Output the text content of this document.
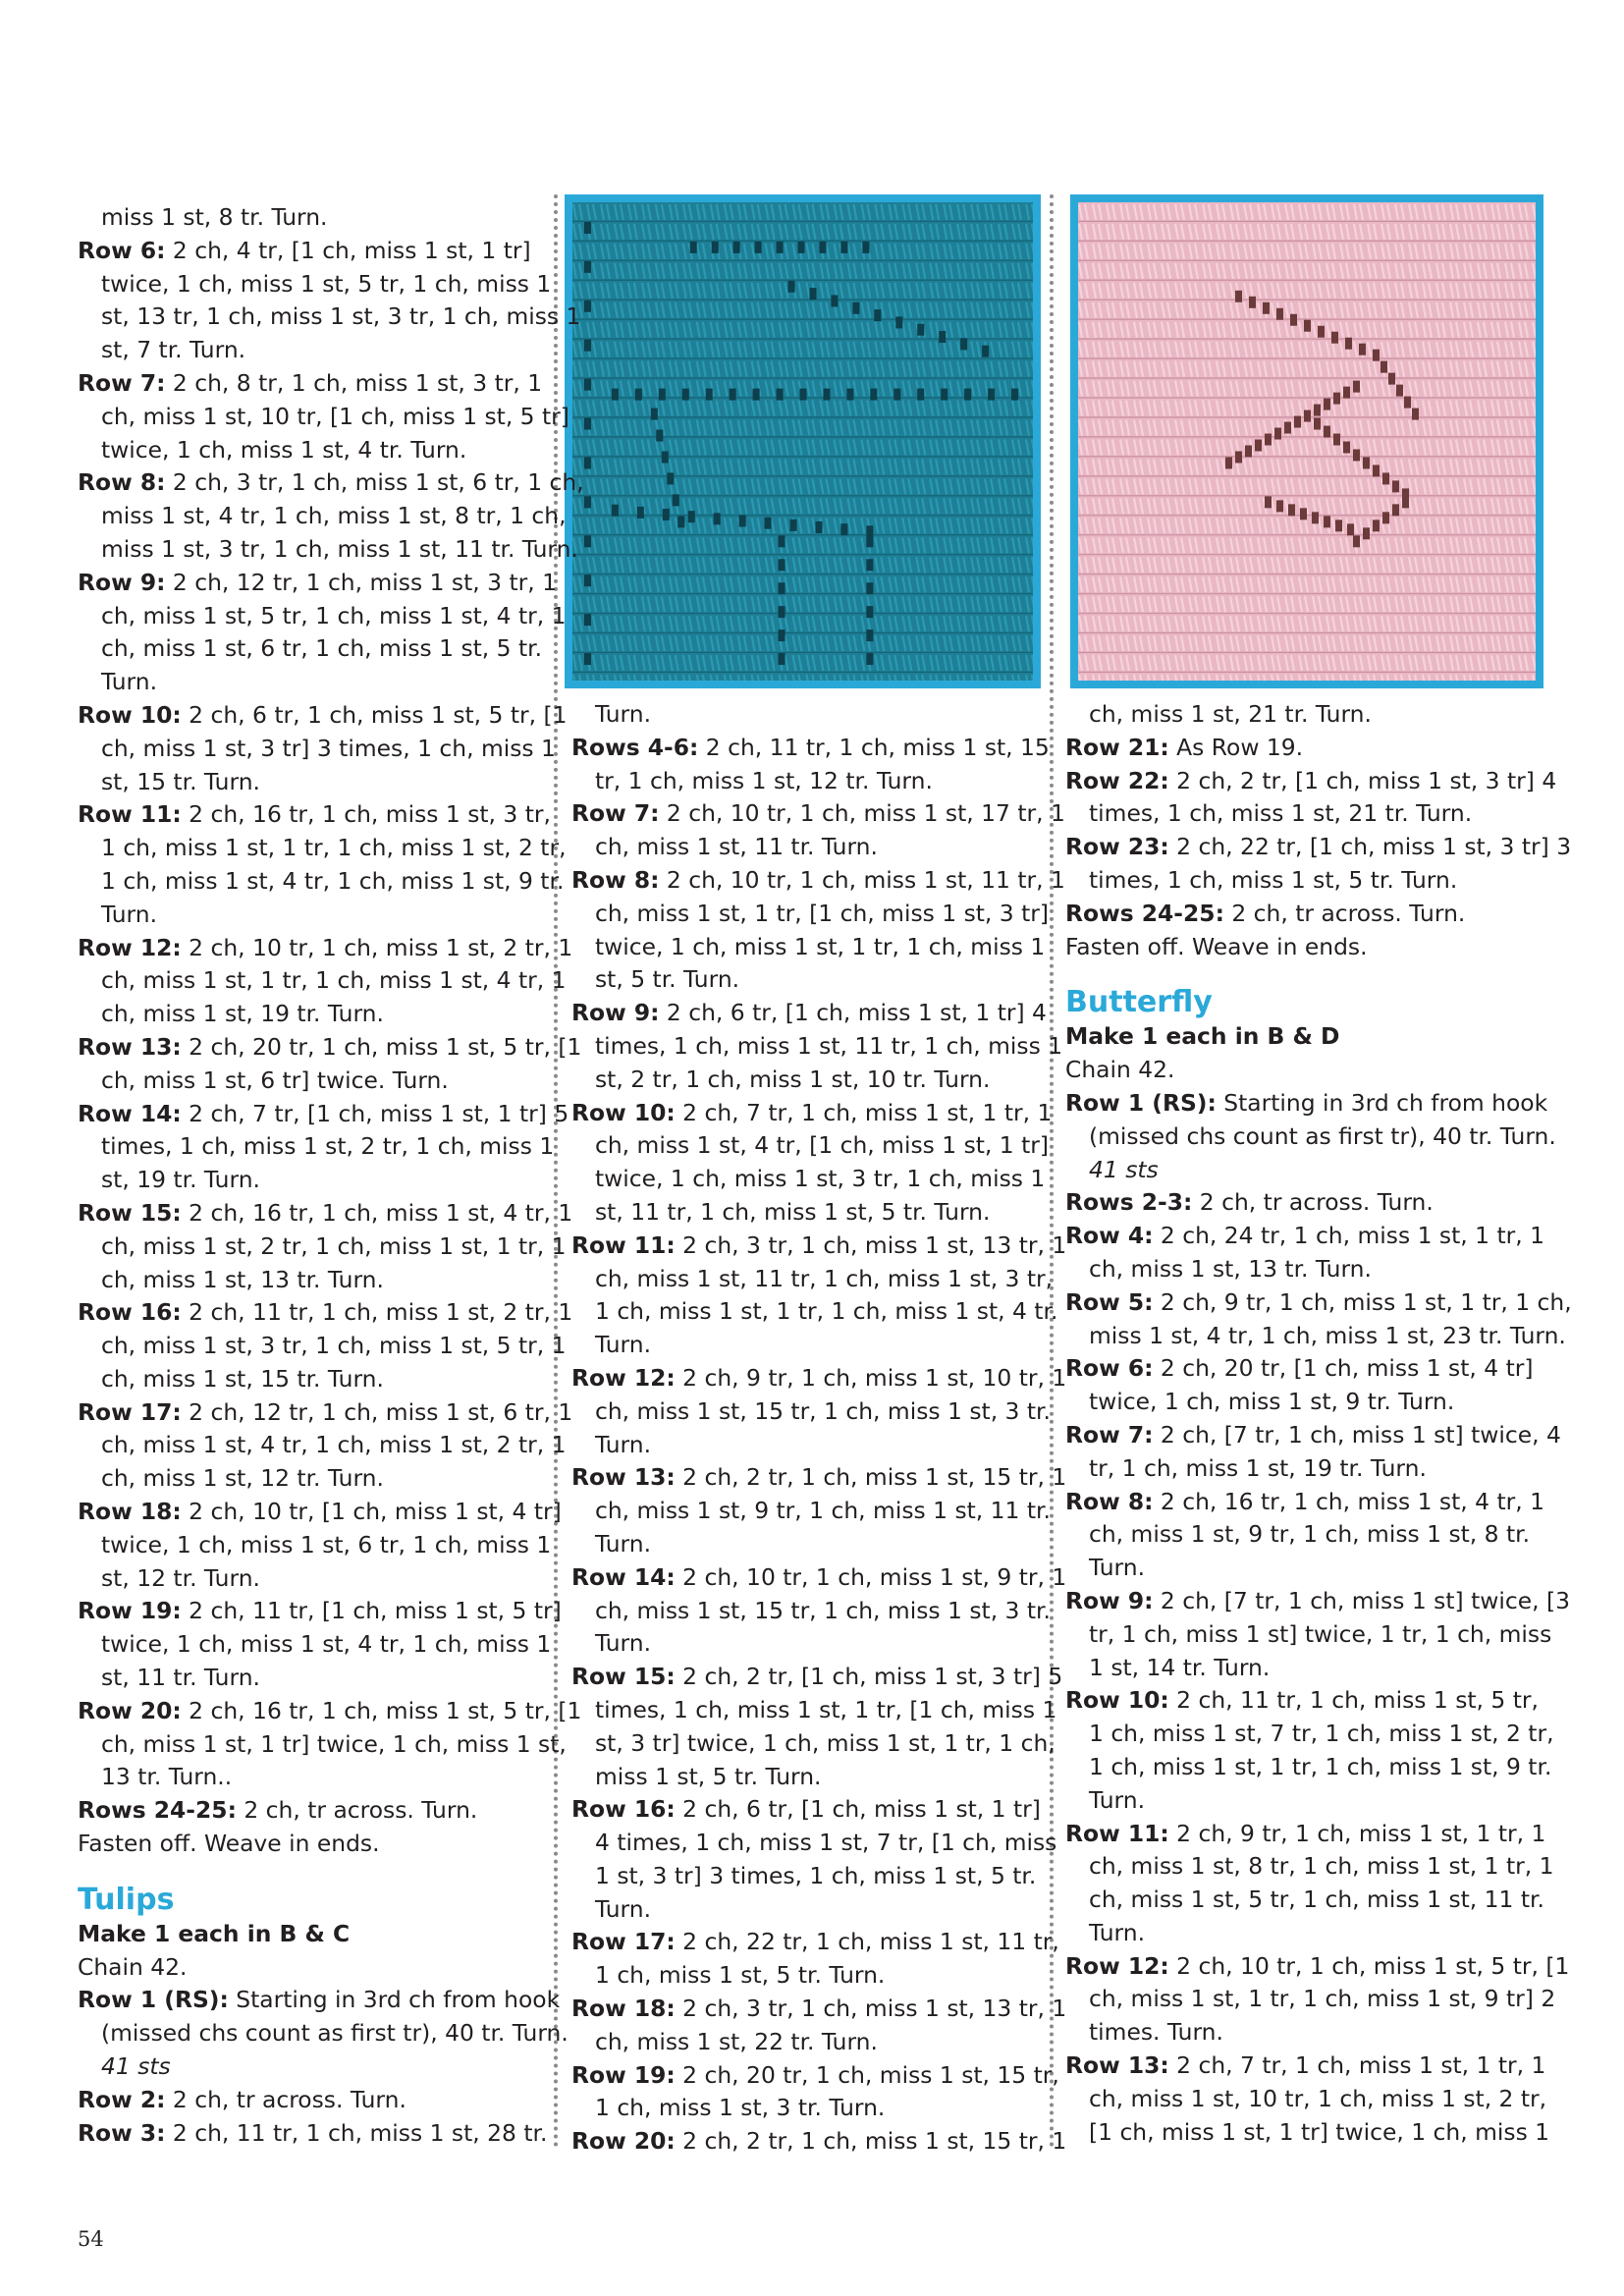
miss 1 st, 8 tr. Turn.

Row 6: 2 ch, 4 tr, [1 ch, miss 1 st, 1 tr]
twice, 1 ch, miss 1 st, 5 tr, 1 ch, miss 1
st, 13 tr, 1 ch, miss 1 st, 3 tr, 1 ch, miss 1
st, 7 tr. Turn.

Row 7: 2 ch, 8 tr, 1 ch, miss 1 st, 3 tr, 1
ch, miss 1 st, 10 tr, [1 ch, miss 1 st, 5 tr]
twice, 1 ch, miss 1 st, 4 tr. Turn.

Row 8: 2 ch, 3 tr, 1 ch, miss 1 st, 6 tr, 1 ch,
miss 1 st, 4 tr, 1 ch, miss 1 st, 8 tr, 1 ch,
miss 1 st, 3 tr, 1 ch, miss 1 st, 11 tr. Turn.

Row 9: 2 ch, 12 tr, 1 ch, miss 1 st, 3 tr, 1
ch, miss 1 st, 5 tr, 1 ch, miss 1 st, 4 tr, 1
ch, miss 1 st, 6 tr, 1 ch, miss 1 st, 5 tr.
Turn.

Row 10: 2 ch, 6 tr, 1 ch, miss 1 st, 5 tr, [1
ch, miss 1 st, 3 tr] 3 times, 1 ch, miss 1
st, 15 tr. Turn.

Row 11: 2 ch, 16 tr, 1 ch, miss 1 st, 3 tr,
1 ch, miss 1 st, 1 tr, 1 ch, miss 1 st, 2 tr,
1 ch, miss 1 st, 4 tr, 1 ch, miss 1 st, 9 tr.
Turn.

Row 12: 2 ch, 10 tr, 1 ch, miss 1 st, 2 tr, 1
ch, miss 1 st, 1 tr, 1 ch, miss 1 st, 4 tr, 1
ch, miss 1 st, 19 tr. Turn.

Row 13: 2 ch, 20 tr, 1 ch, miss 1 st, 5 tr, [1
ch, miss 1 st, 6 tr] twice. Turn.

Row 14: 2 ch, 7 tr, [1 ch, miss 1 st, 1 tr] 5
times, 1 ch, miss 1 st, 2 tr, 1 ch, miss 1
st, 19 tr. Turn.

Row 15: 2 ch, 16 tr, 1 ch, miss 1 st, 4 tr, 1
ch, miss 1 st, 2 tr, 1 ch, miss 1 st, 1 tr, 1
ch, miss 1 st, 13 tr. Turn.

Row 16: 2 ch, 11 tr, 1 ch, miss 1 st, 2 tr, 1
ch, miss 1 st, 3 tr, 1 ch, miss 1 st, 5 tr, 1
ch, miss 1 st, 15 tr. Turn.

Row 17: 2 ch, 12 tr, 1 ch, miss 1 st, 6 tr, 1
ch, miss 1 st, 4 tr, 1 ch, miss 1 st, 2 tr, 1
ch, miss 1 st, 12 tr. Turn.

Row 18: 2 ch, 10 tr, [1 ch, miss 1 st, 4 tr]
twice, 1 ch, miss 1 st, 6 tr, 1 ch, miss 1
st, 12 tr. Turn.

Row 19: 2 ch, 11 tr, [1 ch, miss 1 st, 5 tr]
twice, 1 ch, miss 1 st, 4 tr, 1 ch, miss 1
st, 11 tr. Turn.

Row 20: 2 ch, 16 tr, 1 ch, miss 1 st, 5 tr, [1
ch, miss 1 st, 1 tr] twice, 1 ch, miss 1 st,
13 tr. Turn..

Rows 24-25: 2 ch, tr across. Turn.

Fasten off. Weave in ends.

Tulips

Make 1 each in B & C

Chain 42.

Row 1 (RS): Starting in 3rd ch from hook
(missed chs count as first tr), 40 tr. Turn.

41 sts

Row 2: 2 ch, tr across. Turn.

Row 3: 2 ch, 11 tr, 1 ch, miss 1 st, 28 tr.

Turn.

Rows 4-6: 2 ch, 11 tr, 1 ch, miss 1 st, 15
tr, 1 ch, miss 1 st, 12 tr. Turn.

Row 7: 2 ch, 10 tr, 1 ch, miss 1 st, 17 tr, 1
ch, miss 1 st, 11 tr. Turn.

Row 8: 2 ch, 10 tr, 1 ch, miss 1 st, 11 tr, 1
ch, miss 1 st, 1 tr, [1 ch, miss 1 st, 3 tr]
twice, 1 ch, miss 1 st, 1 tr, 1 ch, miss 1
st, 5 tr. Turn.

Row 9: 2 ch, 6 tr, [1 ch, miss 1 st, 1 tr] 4
times, 1 ch, miss 1 st, 11 tr, 1 ch, miss 1
st, 2 tr, 1 ch, miss 1 st, 10 tr. Turn.

Row 10: 2 ch, 7 tr, 1 ch, miss 1 st, 1 tr, 1
ch, miss 1 st, 4 tr, [1 ch, miss 1 st, 1 tr]
twice, 1 ch, miss 1 st, 3 tr, 1 ch, miss 1
st, 11 tr, 1 ch, miss 1 st, 5 tr. Turn.

Row 11: 2 ch, 3 tr, 1 ch, miss 1 st, 13 tr, 1
ch, miss 1 st, 11 tr, 1 ch, miss 1 st, 3 tr,
1 ch, miss 1 st, 1 tr, 1 ch, miss 1 st, 4 tr.
Turn.

Row 12: 2 ch, 9 tr, 1 ch, miss 1 st, 10 tr, 1
ch, miss 1 st, 15 tr, 1 ch, miss 1 st, 3 tr.
Turn.

Row 13: 2 ch, 2 tr, 1 ch, miss 1 st, 15 tr, 1
ch, miss 1 st, 9 tr, 1 ch, miss 1 st, 11 tr.
Turn.

Row 14: 2 ch, 10 tr, 1 ch, miss 1 st, 9 tr, 1
ch, miss 1 st, 15 tr, 1 ch, miss 1 st, 3 tr.
Turn.

Row 15: 2 ch, 2 tr, [1 ch, miss 1 st, 3 tr] 5
times, 1 ch, miss 1 st, 1 tr, [1 ch, miss 1
st, 3 tr] twice, 1 ch, miss 1 st, 1 tr, 1 ch,
miss 1 st, 5 tr. Turn.

Row 16: 2 ch, 6 tr, [1 ch, miss 1 st, 1 tr]
4 times, 1 ch, miss 1 st, 7 tr, [1 ch, miss
1 st, 3 tr] 3 times, 1 ch, miss 1 st, 5 tr.
Turn.

Row 17: 2 ch, 22 tr, 1 ch, miss 1 st, 11 tr,
1 ch, miss 1 st, 5 tr. Turn.

Row 18: 2 ch, 3 tr, 1 ch, miss 1 st, 13 tr, 1
ch, miss 1 st, 22 tr. Turn.

Row 19: 2 ch, 20 tr, 1 ch, miss 1 st, 15 tr,
1 ch, miss 1 st, 3 tr. Turn.

Row 20: 2 ch, 2 tr, 1 ch, miss 1 st, 15 tr, 1

ch, miss 1 st, 21 tr. Turn.

Row 21: As Row 19.

Row 22: 2 ch, 2 tr, [1 ch, miss 1 st, 3 tr] 4
times, 1 ch, miss 1 st, 21 tr. Turn.

Row 23: 2 ch, 22 tr, [1 ch, miss 1 st, 3 tr] 3
times, 1 ch, miss 1 st, 5 tr. Turn.

Rows 24-25: 2 ch, tr across. Turn.

Fasten off. Weave in ends.

Butterfly

Make 1 each in B & D

Chain 42.

Row 1 (RS): Starting in 3rd ch from hook
(missed chs count as first tr), 40 tr. Turn.

41 sts

Rows 2-3: 2 ch, tr across. Turn.

Row 4: 2 ch, 24 tr, 1 ch, miss 1 st, 1 tr, 1
ch, miss 1 st, 13 tr. Turn.

Row 5: 2 ch, 9 tr, 1 ch, miss 1 st, 1 tr, 1 ch,
miss 1 st, 4 tr, 1 ch, miss 1 st, 23 tr. Turn.

Row 6: 2 ch, 20 tr, [1 ch, miss 1 st, 4 tr]
twice, 1 ch, miss 1 st, 9 tr. Turn.

Row 7: 2 ch, [7 tr, 1 ch, miss 1 st] twice, 4
tr, 1 ch, miss 1 st, 19 tr. Turn.

Row 8: 2 ch, 16 tr, 1 ch, miss 1 st, 4 tr, 1
ch, miss 1 st, 9 tr, 1 ch, miss 1 st, 8 tr.
Turn.

Row 9: 2 ch, [7 tr, 1 ch, miss 1 st] twice, [3
tr, 1 ch, miss 1 st] twice, 1 tr, 1 ch, miss
1 st, 14 tr. Turn.

Row 10: 2 ch, 11 tr, 1 ch, miss 1 st, 5 tr,
1 ch, miss 1 st, 7 tr, 1 ch, miss 1 st, 2 tr,
1 ch, miss 1 st, 1 tr, 1 ch, miss 1 st, 9 tr.
Turn.

Row 11: 2 ch, 9 tr, 1 ch, miss 1 st, 1 tr, 1
ch, miss 1 st, 8 tr, 1 ch, miss 1 st, 1 tr, 1
ch, miss 1 st, 5 tr, 1 ch, miss 1 st, 11 tr.
Turn.

Row 12: 2 ch, 10 tr, 1 ch, miss 1 st, 5 tr, [1
ch, miss 1 st, 1 tr, 1 ch, miss 1 st, 9 tr] 2
times. Turn.

Row 13: 2 ch, 7 tr, 1 ch, miss 1 st, 1 tr, 1
ch, miss 1 st, 10 tr, 1 ch, miss 1 st, 2 tr,
[1 ch, miss 1 st, 1 tr] twice, 1 ch, miss 1

54
